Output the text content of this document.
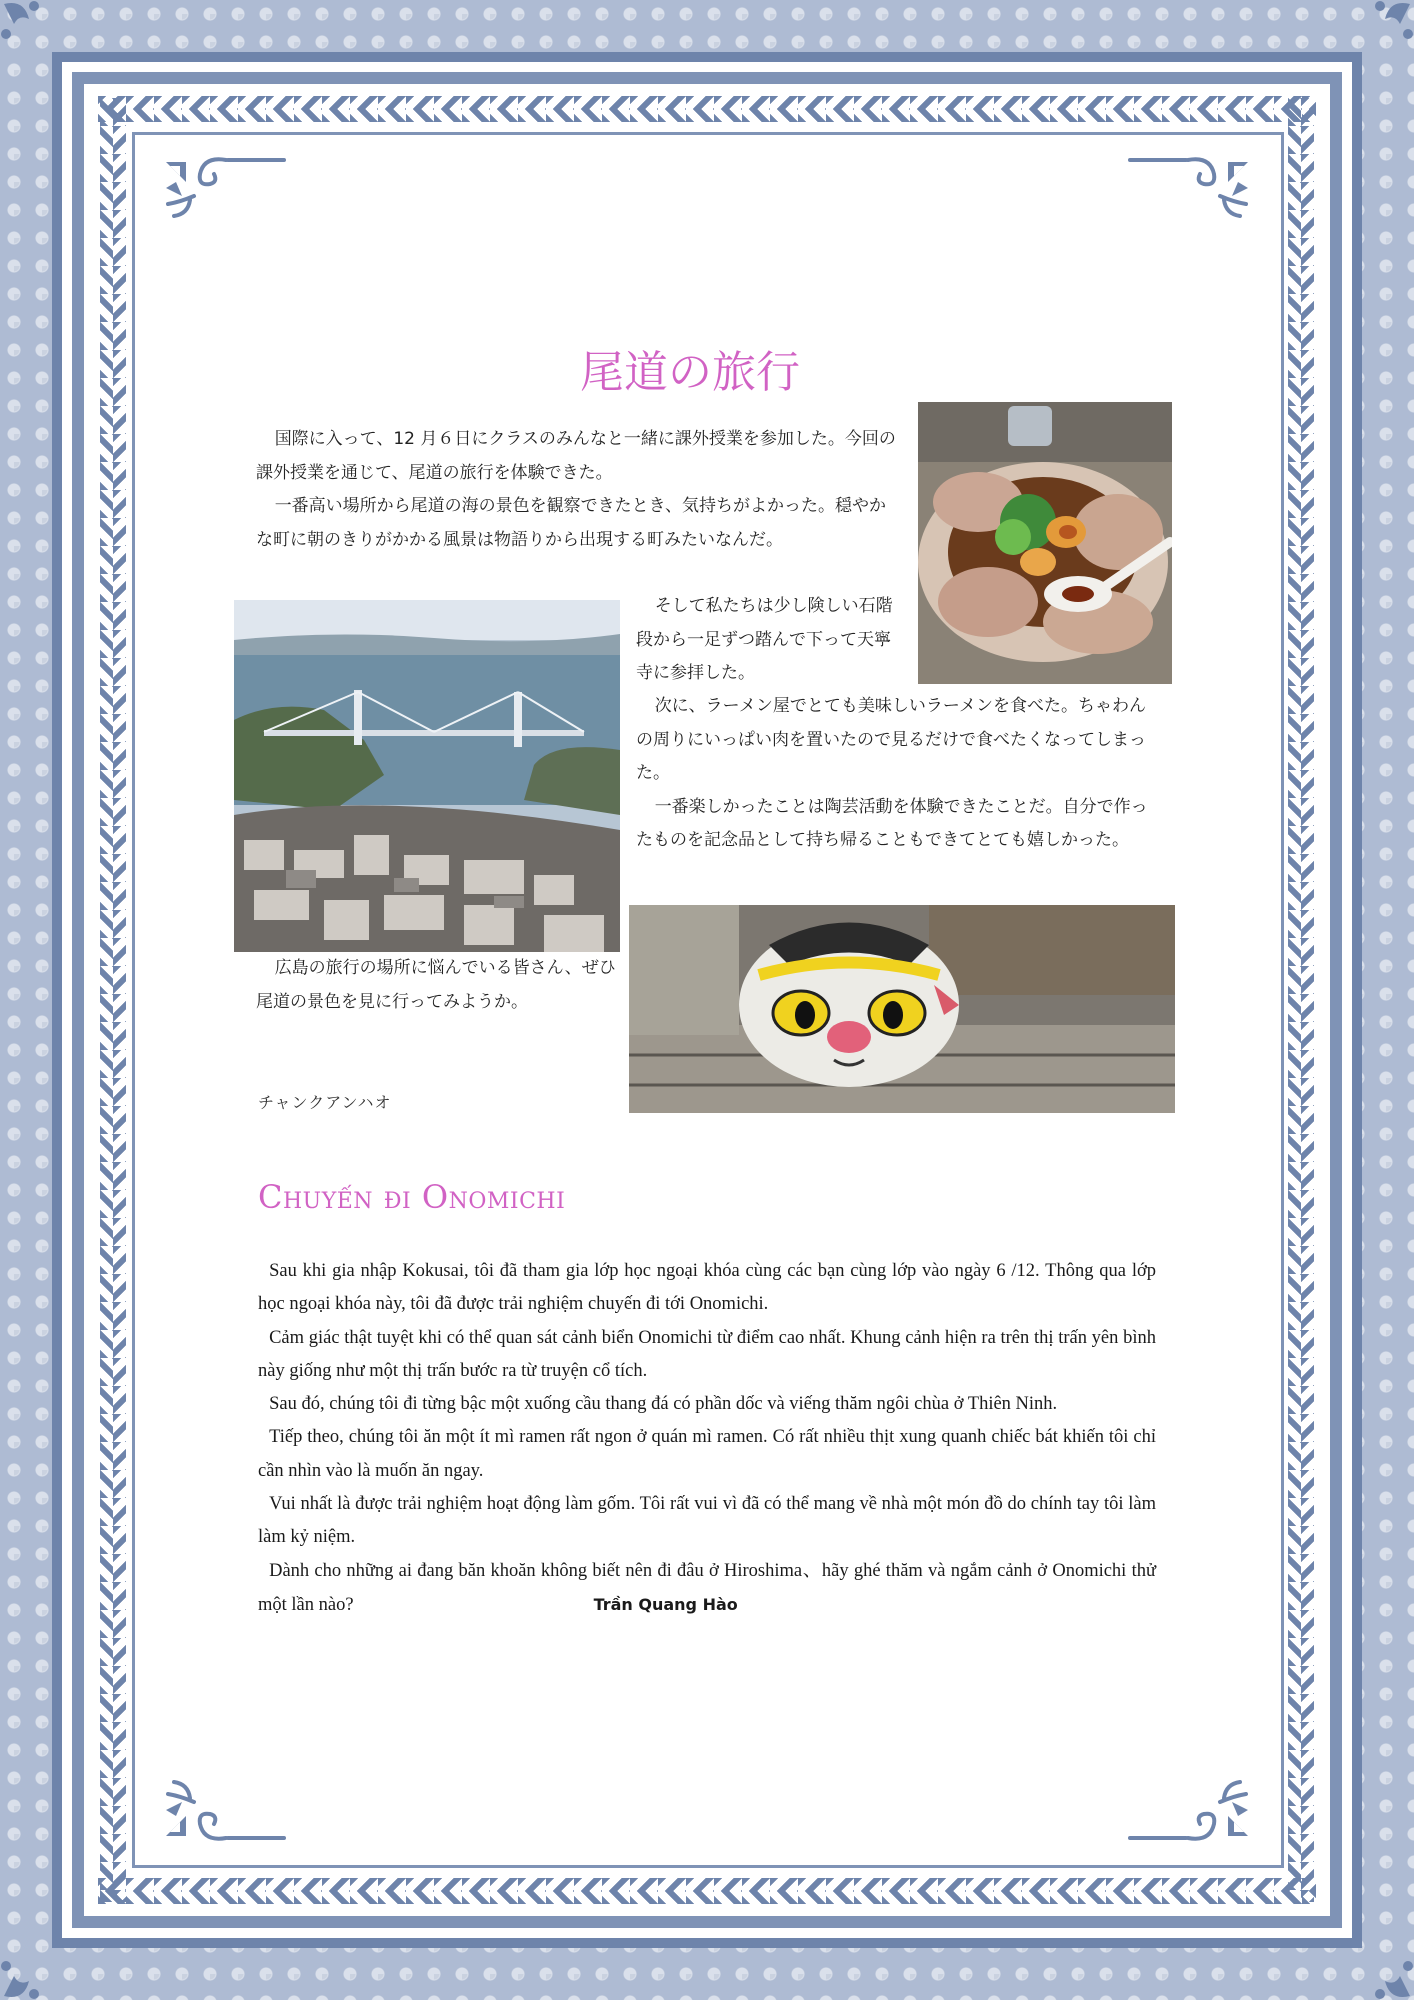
尾道の旅行

国際に入って、12 月６日にクラスのみんなと一緒に課外授業を参加した。今回の課外授業を通じて、尾道の旅行を体験できた。

一番高い場所から尾道の海の景色を観察できたとき、気持ちがよかった。穏やかな町に朝のきりがかかる風景は物語りから出現する町みたいなんだ。

そして私たちは少し険しい石階段から一足ずつ踏んで下って天寧寺に参拝した。

次に、ラーメン屋でとても美味しいラーメンを食べた。ちゃわんの周りにいっぱい肉を置いたので見るだけで食べたくなってしまった。

一番楽しかったことは陶芸活動を体験できたことだ。自分で作ったものを記念品として持ち帰ることもできてとても嬉しかった。

広島の旅行の場所に悩んでいる皆さん、ぜひ尾道の景色を見に行ってみようか。

チャンクアンハオ
Chuyến đi Onomichi

Sau khi gia nhập Kokusai, tôi đã tham gia lớp học ngoại khóa cùng các bạn cùng lớp vào ngày 6 /12. Thông qua lớp học ngoại khóa này, tôi đã được trải nghiệm chuyến đi tới Onomichi.

Cảm giác thật tuyệt khi có thể quan sát cảnh biển Onomichi từ điểm cao nhất. Khung cảnh hiện ra trên thị trấn yên bình này giống như một thị trấn bước ra từ truyện cổ tích.

Sau đó, chúng tôi đi từng bậc một xuống cầu thang đá có phần dốc và viếng thăm ngôi chùa ở Thiên Ninh.

Tiếp theo, chúng tôi ăn một ít mì ramen rất ngon ở quán mì ramen. Có rất nhiều thịt xung quanh chiếc bát khiến tôi chỉ cần nhìn vào là muốn ăn ngay.

Vui nhất là được trải nghiệm hoạt động làm gốm. Tôi rất vui vì đã có thể mang về nhà một món đồ do chính tay tôi làm làm kỷ niệm.

Dành cho những ai đang băn khoăn không biết nên đi đâu ở Hiroshima、hãy ghé thăm và ngắm cảnh ở Onomichi thử một lần nào?	Trần Quang Hào
